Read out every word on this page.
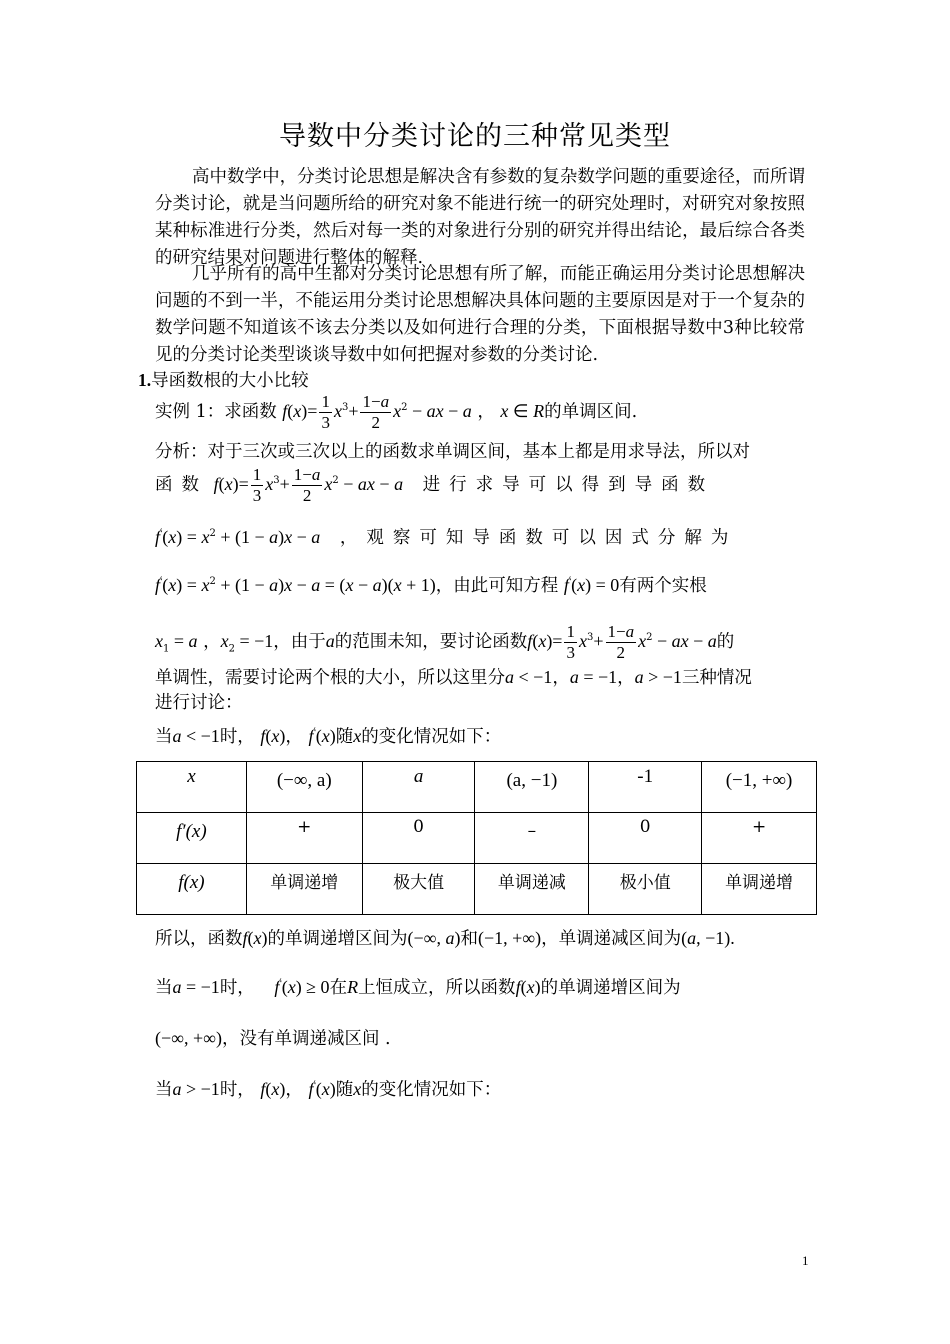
导数中分类讨论的三种常见类型
高中数学中，分类讨论思想是解决含有参数的复杂数学问题的重要途径，而所谓分类讨论，就是当问题所给的研究对象不能进行统一的研究处理时，对研究对象按照某种标准进行分类，然后对每一类的对象进行分别的研究并得出结论，最后综合各类的研究结果对问题进行整体的解释.
几乎所有的高中生都对分类讨论思想有所了解，而能正确运用分类讨论思想解决问题的不到一半，不能运用分类讨论思想解决具体问题的主要原因是对于一个复杂的数学问题不知道该不该去分类以及如何进行合理的分类，下面根据导数中3种比较常见的分类讨论类型谈谈导数中如何把握对参数的分类讨论.
1.导函数根的大小比较
实例 1：求函数 $f(x)= \frac{1}{3} x^3+ \frac{1-a}{2} x^2$ − ax − a ， x ∈ R的单调区间.
分析：对于三次或三次以上的函数求单调区间，基本上都是用求导法，所以对
函数 $f(x)= \frac{1}{3} x^3+ \frac{1-a}{2} x^2$ − ax − a 进行求导可以得到导函数
$f'(x) = x^2 + (1 - a)x - a$ ，观察可知导函数可以因式分解为
$f'(x) = x^2 + (1 - a)x - a = (x - a)(x + 1)$，由此可知方程 f′(x) = 0有两个实根
$x_1 = a$ ，$x_2 = -1$，由于a的范围未知，要讨论函数$f(x)= \frac{1}{3} x^3+ \frac{1-a}{2} x^2$ − ax − a的
单调性，需要讨论两个根的大小，所以这里分a < −1，a = −1，a > −1三种情况
进行讨论：
当a < −1时， f(x)， f′(x)随x的变化情况如下：
x	(−∞, a)	a	(a, −1)	-1	(−1, +∞)
f′(x)	+	0	–	0	+
f(x)	单调递增	极大值	单调递减	极小值	单调递增
所以，函数f(x)的单调递增区间为(−∞, a)和(−1, +∞)，单调递减区间为(a, −1).
当a = −1时， f′(x) ≥ 0在R上恒成立，所以函数f(x)的单调递增区间为
(−∞, +∞)，没有单调递减区间 .
当a > −1时， f(x)， f′(x)随x的变化情况如下：
1
